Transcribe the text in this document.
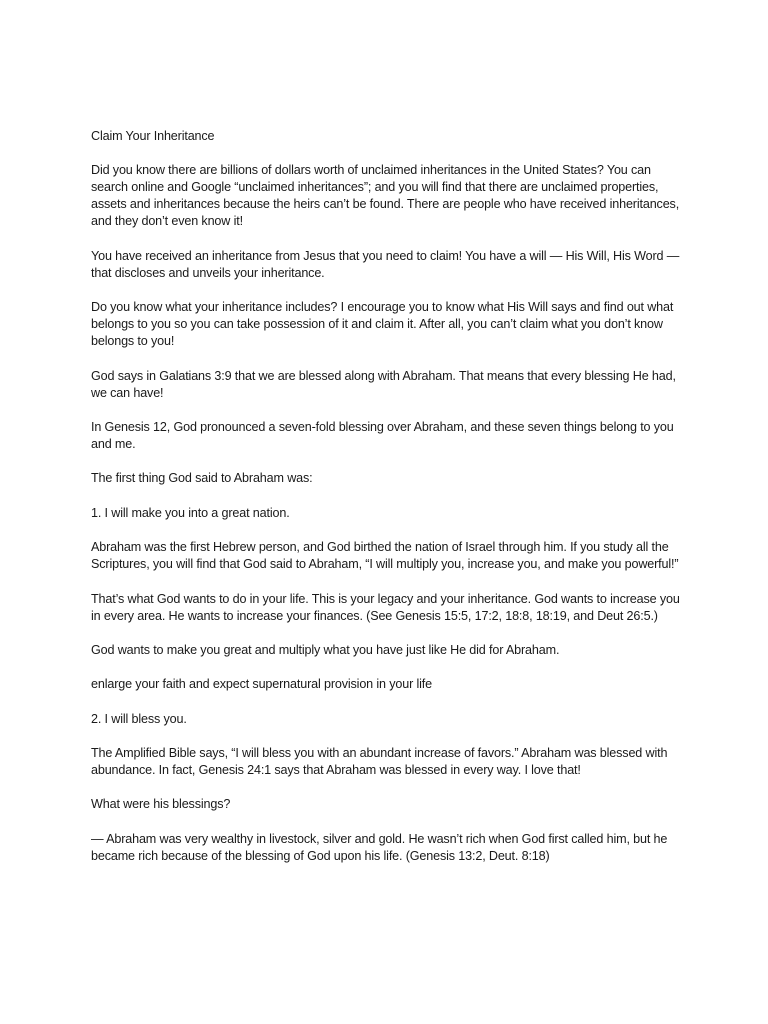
Claim Your Inheritance

Did you know there are billions of dollars worth of unclaimed inheritances in the United States? You can search online and Google “unclaimed inheritances”; and you will find that there are unclaimed properties, assets and inheritances because the heirs can’t be found. There are people who have received inheritances, and they don’t even know it!

You have received an inheritance from Jesus that you need to claim! You have a will — His Will, His Word — that discloses and unveils your inheritance.

Do you know what your inheritance includes? I encourage you to know what His Will says and find out what belongs to you so you can take possession of it and claim it. After all, you can’t claim what you don’t know belongs to you!

God says in Galatians 3:9 that we are blessed along with Abraham. That means that every blessing He had, we can have!

In Genesis 12, God pronounced a seven-fold blessing over Abraham, and these seven things belong to you and me.

The first thing God said to Abraham was:

1. I will make you into a great nation.

Abraham was the first Hebrew person, and God birthed the nation of Israel through him. If you study all the Scriptures, you will find that God said to Abraham, “I will multiply you, increase you, and make you powerful!”

That’s what God wants to do in your life. This is your legacy and your inheritance. God wants to increase you in every area. He wants to increase your finances. (See Genesis 15:5, 17:2, 18:8, 18:19, and Deut 26:5.)

God wants to make you great and multiply what you have just like He did for Abraham.

enlarge your faith and expect supernatural provision in your life

2. I will bless you.

The Amplified Bible says, “I will bless you with an abundant increase of favors.” Abraham was blessed with abundance. In fact, Genesis 24:1 says that Abraham was blessed in every way. I love that!

What were his blessings?

— Abraham was very wealthy in livestock, silver and gold. He wasn’t rich when God first called him, but he became rich because of the blessing of God upon his life. (Genesis 13:2, Deut. 8:18)
